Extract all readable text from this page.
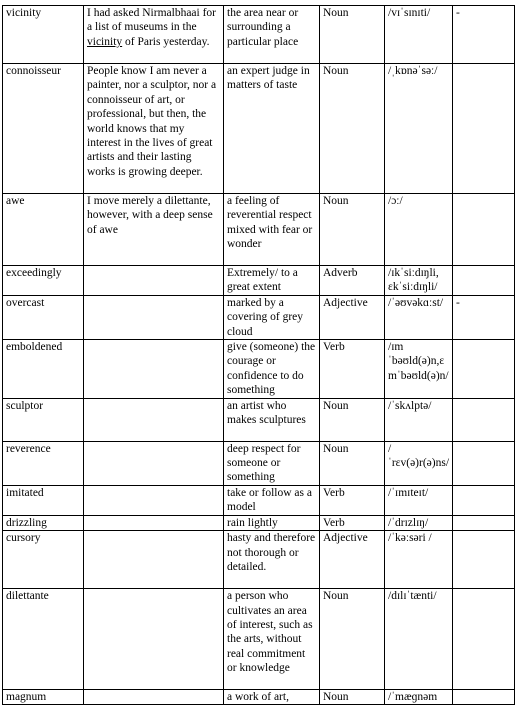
vicinity	I had asked Nirmalbhaai for a list of museums in the vicinity of Paris yesterday.	the area near or surrounding a particular place	Noun	/vɪˈsɪnɪti/	-
connoisseur	People know I am never a painter, nor a sculptor, nor a connoisseur of art, or professional, but then, the world knows that my interest in the lives of great artists and their lasting works is growing deeper.	an expert judge in matters of taste	Noun	/ˌkɒnəˈsəː/	
awe	I move merely a dilettante, however, with a deep sense of awe	a feeling of reverential respect mixed with fear or wonder	Noun	/ɔː/	
exceedingly		Extremely/ to a great extent	Adverb	/ɪkˈsiːdɪŋli, ɛkˈsiːdɪŋli/	
overcast		marked by a covering of grey cloud	Adjective	/ˈəʊvəkɑːst/	-
emboldened		give (someone) the courage or confidence to do something	Verb	/ɪmˈbəʊld(ə)n,ɛmˈbəʊld(ə)n/	
sculptor		an artist who makes sculptures	Noun	/ˈskʌlptə/	
reverence		deep respect for someone or something	Noun	/ˈrɛv(ə)r(ə)ns/	
imitated		take or follow as a model	Verb	/ˈɪmɪteɪt/	
drizzling		rain lightly	Verb	/ˈdrɪzlɪŋ/	
cursory		hasty and therefore not thorough or detailed.	Adjective	/ˈkəːsəri /	
dilettante		a person who cultivates an area of interest, such as the arts, without real commitment or knowledge	Noun	/dɪlɪˈtænti/	

magnum		a work of art,	Noun	/ˈmæɡnəm	
